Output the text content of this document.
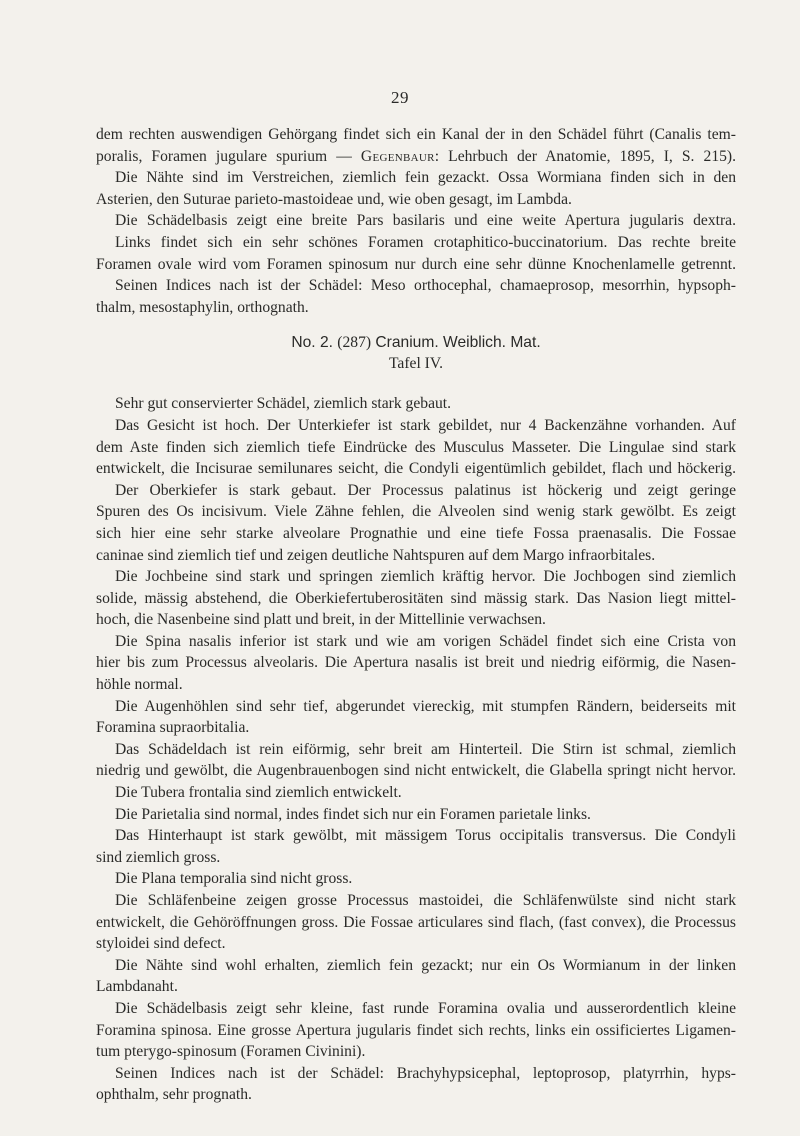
29
dem rechten auswendigen Gehörgang findet sich ein Kanal der in den Schädel führt (Canalis tem-
poralis, Foramen jugulare spurium — Gegenbaur: Lehrbuch der Anatomie, 1895, I, S. 215).
Die Nähte sind im Verstreichen, ziemlich fein gezackt. Ossa Wormiana finden sich in den
Asterien, den Suturae parieto-mastoideae und, wie oben gesagt, im Lambda.
Die Schädelbasis zeigt eine breite Pars basilaris und eine weite Apertura jugularis dextra.
Links findet sich ein sehr schönes Foramen crotaphitico-buccinatorium. Das rechte breite
Foramen ovale wird vom Foramen spinosum nur durch eine sehr dünne Knochenlamelle getrennt.
Seinen Indices nach ist der Schädel: Meso orthocephal, chamaeprosop, mesorrhin, hypsoph-
thalm, mesostaphylin, orthognath.
No. 2. (287) Cranium. Weiblich. Mat.
Tafel IV.
Sehr gut conservierter Schädel, ziemlich stark gebaut.
Das Gesicht ist hoch. Der Unterkiefer ist stark gebildet, nur 4 Backenzähne vorhanden. Auf
dem Aste finden sich ziemlich tiefe Eindrücke des Musculus Masseter. Die Lingulae sind stark
entwickelt, die Incisurae semilunares seicht, die Condyli eigentümlich gebildet, flach und höckerig.
Der Oberkiefer is stark gebaut. Der Processus palatinus ist höckerig und zeigt geringe
Spuren des Os incisivum. Viele Zähne fehlen, die Alveolen sind wenig stark gewölbt. Es zeigt
sich hier eine sehr starke alveolare Prognathie und eine tiefe Fossa praenasalis. Die Fossae
caninae sind ziemlich tief und zeigen deutliche Nahtspuren auf dem Margo infraorbitales.
Die Jochbeine sind stark und springen ziemlich kräftig hervor. Die Jochbogen sind ziemlich
solide, mässig abstehend, die Oberkiefertuberositäten sind mässig stark. Das Nasion liegt mittel-
hoch, die Nasenbeine sind platt und breit, in der Mittellinie verwachsen.
Die Spina nasalis inferior ist stark und wie am vorigen Schädel findet sich eine Crista von
hier bis zum Processus alveolaris. Die Apertura nasalis ist breit und niedrig eiförmig, die Nasen-
höhle normal.
Die Augenhöhlen sind sehr tief, abgerundet viereckig, mit stumpfen Rändern, beiderseits mit
Foramina supraorbitalia.
Das Schädeldach ist rein eiförmig, sehr breit am Hinterteil. Die Stirn ist schmal, ziemlich
niedrig und gewölbt, die Augenbrauenbogen sind nicht entwickelt, die Glabella springt nicht hervor.
Die Tubera frontalia sind ziemlich entwickelt.
Die Parietalia sind normal, indes findet sich nur ein Foramen parietale links.
Das Hinterhaupt ist stark gewölbt, mit mässigem Torus occipitalis transversus. Die Condyli
sind ziemlich gross.
Die Plana temporalia sind nicht gross.
Die Schläfenbeine zeigen grosse Processus mastoidei, die Schläfenwülste sind nicht stark
entwickelt, die Gehöröffnungen gross. Die Fossae articulares sind flach, (fast convex), die Processus
styloidei sind defect.
Die Nähte sind wohl erhalten, ziemlich fein gezackt; nur ein Os Wormianum in der linken
Lambdanaht.
Die Schädelbasis zeigt sehr kleine, fast runde Foramina ovalia und ausserordentlich kleine
Foramina spinosa. Eine grosse Apertura jugularis findet sich rechts, links ein ossificiertes Ligamen-
tum pterygo-spinosum (Foramen Civinini).
Seinen Indices nach ist der Schädel: Brachyhypsicephal, leptoprosop, platyrrhin, hyps-
ophthalm, sehr prognath.
